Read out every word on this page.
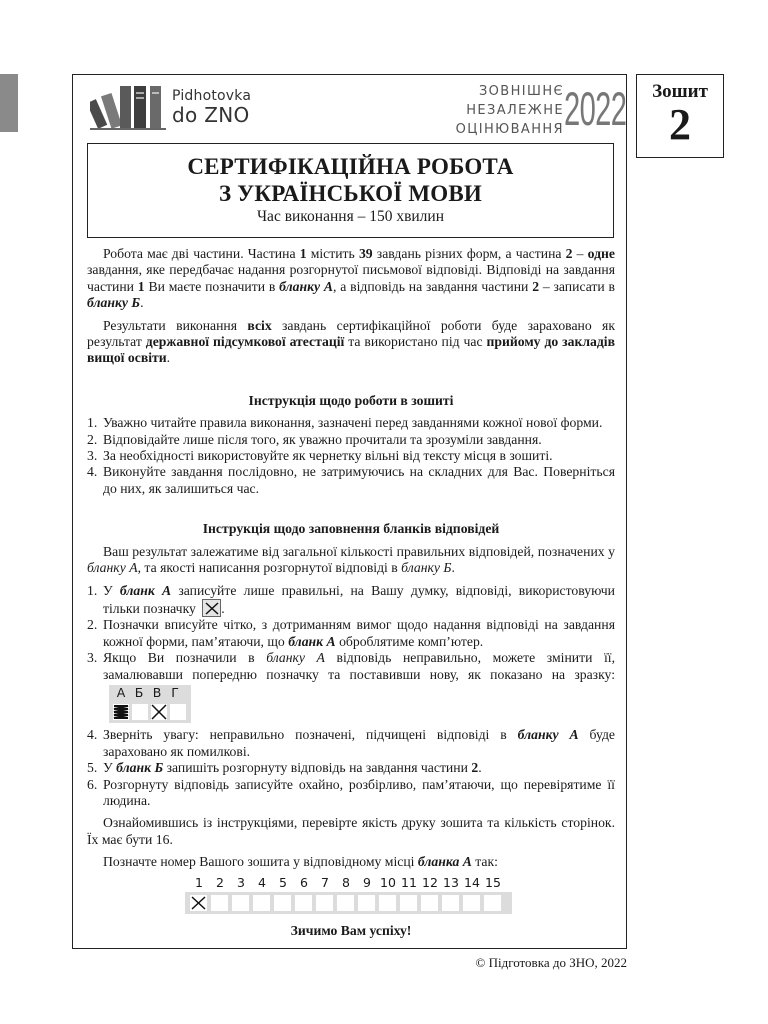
Pidhotovka
do ZNO
ЗОВНІШНЄ
НЕЗАЛЕЖНЕ
ОЦІНЮВАННЯ 2022	Зошит
2
СЕРТИФІКАЦІЙНА РОБОТА
З УКРАЇНСЬКОЇ МОВИ
Час виконання – 150 хвилин

Робота має дві частини. Частина 1 містить 39 завдань різних форм, а частина 2 – одне завдання, яке передбачає надання розгорнутої письмової відповіді. Відповіді на завдання частини 1 Ви маєте позначити в бланку А, а відповідь на завдання частини 2 – записати в бланку Б.

Результати виконання всіх завдань сертифікаційної роботи буде зараховано як результат державної підсумкової атестації та використано під час прийому до закладів вищої освіти.

Інструкція щодо роботи в зошиті

1. Уважно читайте правила виконання, зазначені перед завданнями кожної нової форми.
2. Відповідайте лише після того, як уважно прочитали та зрозуміли завдання.
3. За необхідності використовуйте як чернетку вільні від тексту місця в зошиті.
4. Виконуйте завдання послідовно, не затримуючись на складних для Вас. Поверніться до них, як залишиться час.

Інструкція щодо заповнення бланків відповідей

Ваш результат залежатиме від загальної кількості правильних відповідей, позначених у бланку А, та якості написання розгорнутої відповіді в бланку Б.

1. У бланк А записуйте лише правильні, на Вашу думку, відповіді, використовуючи тільки позначку
.
2. Позначки вписуйте чітко, з дотриманням вимог щодо надання відповіді на завдання кожної форми, пам’ятаючи, що бланк А оброблятиме комп’ютер.
3. Якщо Ви позначили в бланку А відповідь неправильно, можете змінити її, замалювавши попередню позначку та поставивши нову, як показано на зразку:
А Б В Г
4. Зверніть увагу: неправильно позначені, підчищені відповіді в бланку А буде зараховано як помилкові.
5. У бланк Б запишіть розгорнуту відповідь на завдання частини 2.
6. Розгорнуту відповідь записуйте охайно, розбірливо, пам’ятаючи, що перевірятиме її людина.

Ознайомившись із інструкціями, перевірте якість друку зошита та кількість сторінок. Їх має бути 16.

Позначте номер Вашого зошита у відповідному місці бланка А так:

1	2	3	4	5	6	7	8	9 10 11 12 13 14 15

Зичимо Вам успіху!

© Підготовка до ЗНО, 2022
